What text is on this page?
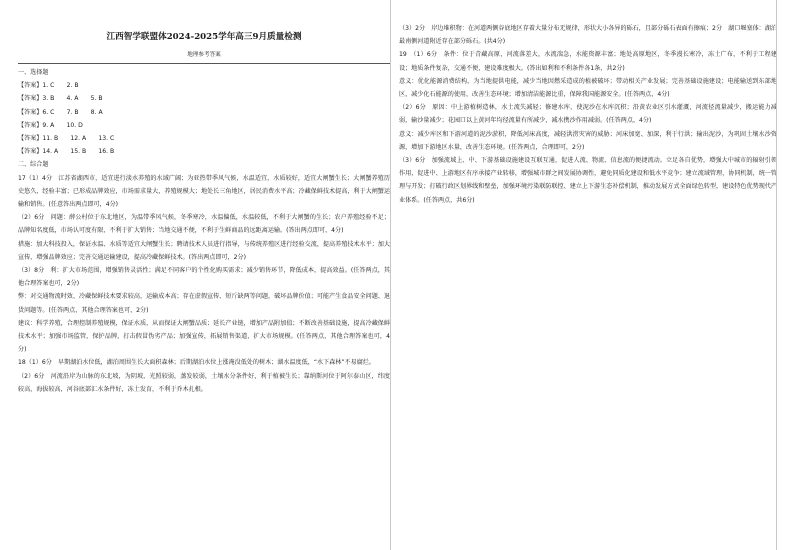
江西智学联盟体2024-2025学年高三9月质量检测
地理参考答案
一、选择题
【答案】1. C　　2. B
【答案】3. B　　4. A　　5. B
【答案】6. C　　7. B　　8. A
【答案】9. A　　10. D
【答案】11. B　　12. A　　13. C
【答案】14. A　　15. B　　16. B
二、综合题

17（1）4分　江苏省湖西市，适宜进行淡水养殖的水域广阔；为亚热带季风气候，水温适宜，水质较好，适宜大闸蟹生长；大闸蟹养殖历史悠久，经验丰富；已形成品牌效应，市场需求量大，养殖规模大；地处长三角地区，居民消费水平高；冷藏保鲜技术提高，利于大闸蟹运输和销售。(任意答出两点即可，4分)

（2）6分　问题：薛公村位于东北地区，为温带季风气候，冬季寒冷，水温偏低，水温较低，不利于大闸蟹的生长；农户养殖经验不足；品牌知名度低，市场认可度有限，不利于扩大销售；当地交通不便，不利于生鲜商品的远距离运输。(答出两点即可，4分)

措施：加大科技投入，保证水温、水质等适宜大闸蟹生长；聘请技术人员进行指导，与传统养殖区进行经验交流，提高养殖技术水平；加大宣传，增强品牌效应；完善交通运输建设，提高冷藏保鲜技术。(答出两点即可，2分)

（3）8分　利：扩大市场范围，增强销售灵活性；满足不同客户的个性化购买需求；减少销售环节，降低成本，提高效益。(任答两点，其他合理答案也可，2分)

弊：对交通物流时效、冷藏保鲜技术要求较高，运输成本高；存在虚假宣传、短斤缺两等问题，破坏品牌价值；可能产生食品安全问题、退货问题等。(任答两点，其他合理答案也可，2分)

建议：科学养殖，合理控制养殖规模，保证水质，从而保证大闸蟹品质；延长产业链，增加产品附加值；不断改善基础设施，提高冷藏保鲜技术水平；加强市场监管，保护品牌，打击假冒伪劣产品；加强宣传，拓展销售渠道，扩大市场规模。(任答两点，其他合理答案也可，4分)

18（1）6分　早期湖泊水位低，湖泊周围生长大面积森林；后期湖泊水位上涨淹没低处的树木；湖水温度低，“水下森林”不易腐烂。

（2）6分　河流沿岸为山脉的东北坡，为阴坡，光照较弱，蒸发较弱，土壤水分条件好，利于植被生长；靠纳斯河位于阿尔泰山区，纬度较高，海拔较高，河谷底部汇水条件好，冻土发育，不利于乔木扎根。

（3）2分　岸边堆积物：在河道两侧谷底地区存着大量分布无规律，形状大小各异的砾石，且部分砾石表面有擦痕；2分　湖口堰塞体：湖泊最南侧河道附近存在部分砾石。(共4分)

19　（1）6分　条件：位于青藏高原，河流落差大，水流湍急，水能资源丰富；地处高原地区，冬季漫长寒冷，冻土广布，不利于工程建设；地质条件复杂，交通不便，建设难度极大。(答出如利和不利条件各1条，共2分)

意义：优化能源消费结构，为当地提供电能，减少当地因燃采造成的植被破坏；带动相关产业发展；完善基础设施建设；电能输送到东部地区，减少化石能源的使用，改善生态环境；增加清洁能源比重，保障我国能源安全。(任答两点，4分)

（2）6分　原因：中上游植树造林，水土流失减轻；修建水库，使泥沙在水库沉积；沿黄农业区引水灌溉，河流径流量减少，搬运能力减弱，输沙量减少；花园口以上黄河年均径流量有所减少，减水携沙作用减弱。(任答两点，4分)

意义：减少库区和下游河道的泥沙淤积，降低河床高度，减轻洪涝灾害的威胁；河床加宽、加深，利于行洪；输出泥沙，为巩固土壤水沙资源，增加下游地区水量，改善生态环境。(任答两点，合理即可，2分)

（3）6分　加强流域上、中、下游基础设施建设互联互通，促进人流、物流、信息流的便捷流动。立足各自优势，增强大中城市的辐射引领作用，促进中、上游地区有序承接产业转移，增强城市群之间发展协调性，避免同质化建设和低水平竞争；建立流域管理，协同机制，统一管理与开发；打破行政区划界线和壁垒，加强环境污染联防联控、建立上下游生态补偿机制，推动发展方式全面绿色转型，建设特色优势现代产业体系。(任答两点，共6分)
